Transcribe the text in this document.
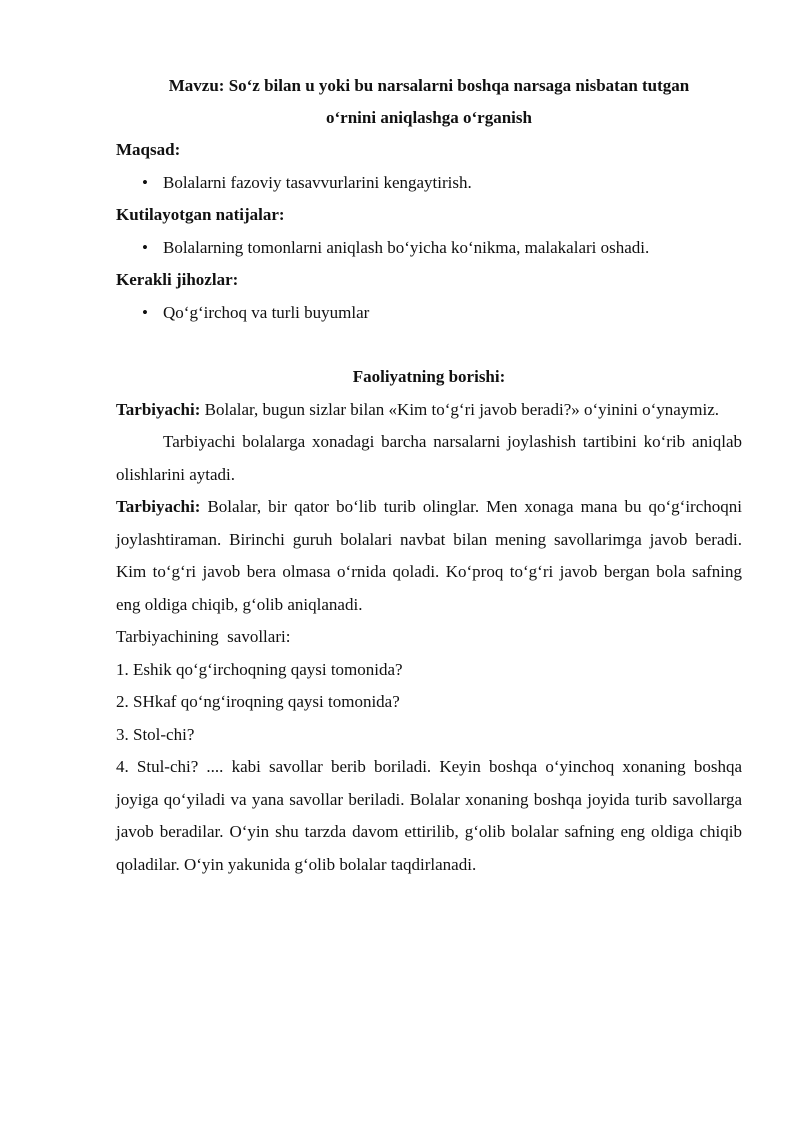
Mavzu: So‘z bilan u yoki bu narsalarni boshqa narsaga nisbatan tutgan
o‘rnini aniqlashga o‘rganish

Maqsad:

• Bolalarni fazoviy tasavvurlarini kengaytirish.

Kutilayotgan natijalar:

• Bolalarning tomonlarni aniqlash bo‘yicha ko‘nikma, malakalari oshadi.

Kerakli jihozlar:

• Qo‘g‘irchoq va turli buyumlar

Faoliyatning borishi:

Tarbiyachi: Bolalar, bugun sizlar bilan «Kim to‘g‘ri javob beradi?» o‘yinini o‘ynaymiz.

Tarbiyachi bolalarga xonadagi barcha narsalarni joylashish tartibini ko‘rib aniqlab olishlarini aytadi.

Tarbiyachi: Bolalar, bir qator bo‘lib turib olinglar. Men xonaga mana bu qo‘g‘irchoqni joylashtiraman. Birinchi guruh bolalari navbat bilan mening savollarimga javob beradi. Kim to‘g‘ri javob bera olmasa o‘rnida qoladi. Ko‘proq to‘g‘ri javob bergan bola safning eng oldiga chiqib, g‘olib aniqlanadi.

Tarbiyachining  savollari:

1. Eshik qo‘g‘irchoqning qaysi tomonida?

2. SHkaf qo‘ng‘iroqning qaysi tomonida?

3. Stol-chi?

4. Stul-chi? .... kabi savollar berib boriladi. Keyin boshqa o‘yinchoq xonaning boshqa joyiga qo‘yiladi va yana savollar beriladi. Bolalar xonaning boshqa joyida turib savollarga javob beradilar. O‘yin shu tarzda davom ettirilib, g‘olib bolalar safning eng oldiga chiqib qoladilar. O‘yin yakunida g‘olib bolalar taqdirlanadi.
